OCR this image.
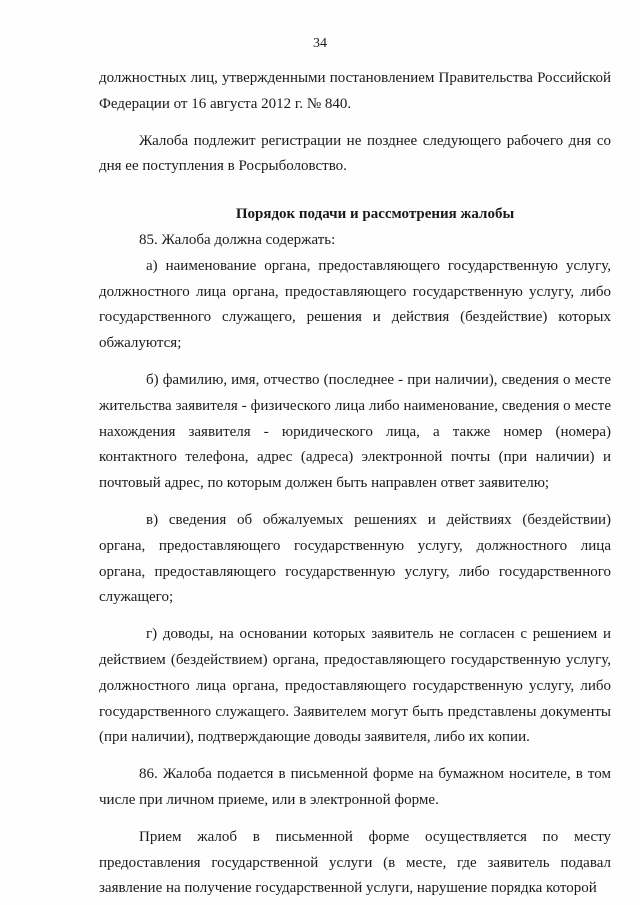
34

должностных лиц, утвержденными постановлением Правительства Российской Федерации от 16 августа 2012 г. № 840.

Жалоба подлежит регистрации не позднее следующего рабочего дня со дня ее поступления в Росрыболовство.

Порядок подачи и рассмотрения жалобы

85. Жалоба должна содержать:

а) наименование органа, предоставляющего государственную услугу, должностного лица органа, предоставляющего государственную услугу, либо государственного служащего, решения и действия (бездействие) которых обжалуются;

б) фамилию, имя, отчество (последнее - при наличии), сведения о месте жительства заявителя - физического лица либо наименование, сведения о месте нахождения заявителя - юридического лица, а также номер (номера) контактного телефона, адрес (адреса) электронной почты (при наличии) и почтовый адрес, по которым должен быть направлен ответ заявителю;

в) сведения об обжалуемых решениях и действиях (бездействии) органа, предоставляющего государственную услугу, должностного лица органа, предоставляющего государственную услугу, либо государственного служащего;

г) доводы, на основании которых заявитель не согласен с решением и действием (бездействием) органа, предоставляющего государственную услугу, должностного лица органа, предоставляющего государственную услугу, либо государственного служащего. Заявителем могут быть представлены документы (при наличии), подтверждающие доводы заявителя, либо их копии.

86. Жалоба подается в письменной форме на бумажном носителе, в том числе при личном приеме, или в электронной форме.

Прием жалоб в письменной форме осуществляется по месту предоставления государственной услуги (в месте, где заявитель подавал заявление на получение государственной услуги, нарушение порядка которой
